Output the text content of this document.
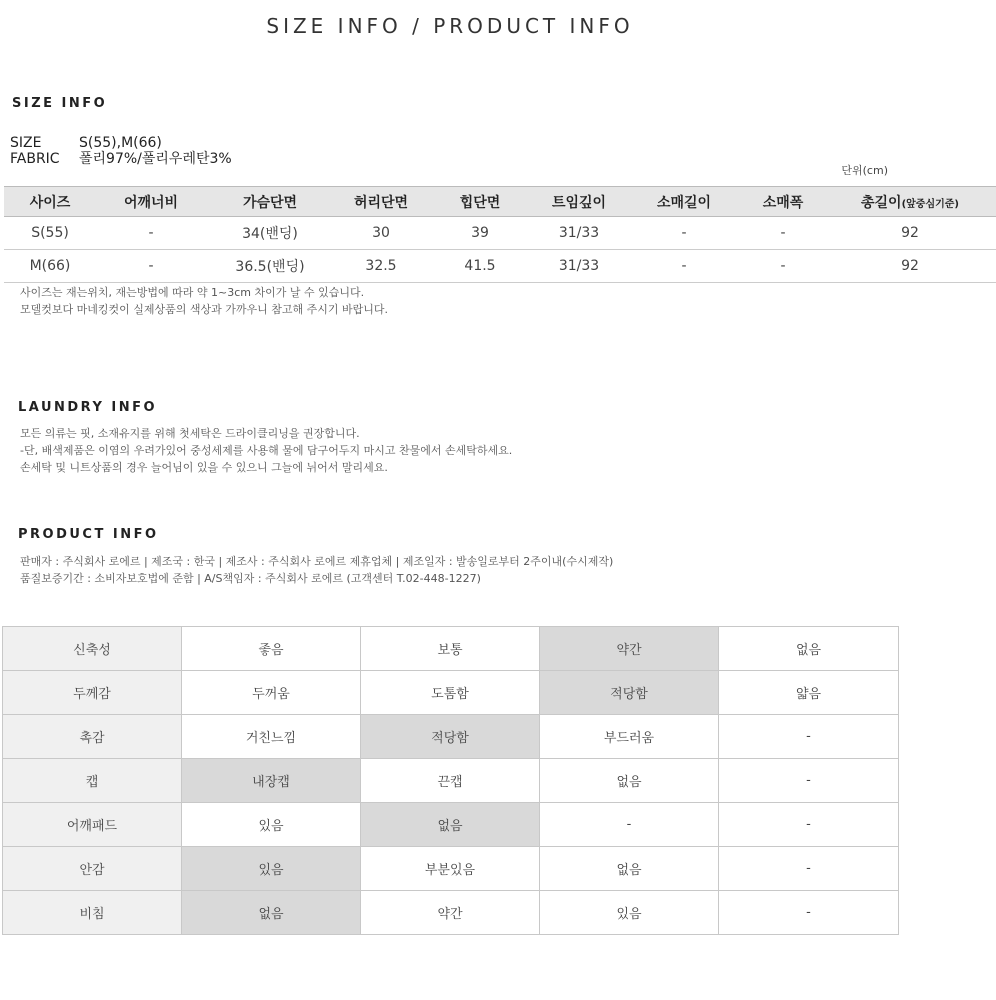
SIZE INFO / PRODUCT INFO
SIZE INFO
SIZE	S(55),M(66)
FABRIC 폴리97%/폴리우레탄3%
단위(cm)
사이즈	어깨너비	가슴단면	허리단면	힙단면	트임깊이	소매길이	소매폭	총길이(앞중심기준)
S(55)	-	34(밴딩)	30	39	31/33	-	-	92
M(66)	-	36.5(밴딩)	32.5	41.5	31/33	-	-	92
사이즈는 재는위치, 재는방법에 따라 약 1~3cm 차이가 날 수 있습니다.
모델컷보다 마네킹컷이 실제상품의 색상과 가까우니 참고해 주시기 바랍니다.
LAUNDRY INFO
모든 의류는 핏, 소재유지를 위해 첫세탁은 드라이클리닝을 권장합니다.
-단, 배색제품은 이염의 우려가있어 중성세제를 사용해 물에 담구어두지 마시고 찬물에서 손세탁하세요.
손세탁 및 니트상품의 경우 늘어님이 있을 수 있으니 그늘에 뉘어서 말리세요.
PRODUCT INFO
판매자 : 주식회사 로에르 | 제조국 : 한국 | 제조사 : 주식회사 로에르 제휴업체 | 제조일자 : 발송일로부터 2주이내(수시제작)
품질보증기간 : 소비자보호법에 준함 | A/S책임자 : 주식회사 로에르 (고객센터 T.02-448-1227)
신축성	좋음	보통	약간	없음
두께감	두꺼움	도톰함	적당함	얇음
촉감	거친느낌	적당함	부드러움	-
캡	내장캡	끈캡	없음	-
어깨패드	있음	없음	-	-
안감	있음	부분있음	없음	-
비침	없음	약간	있음	-
